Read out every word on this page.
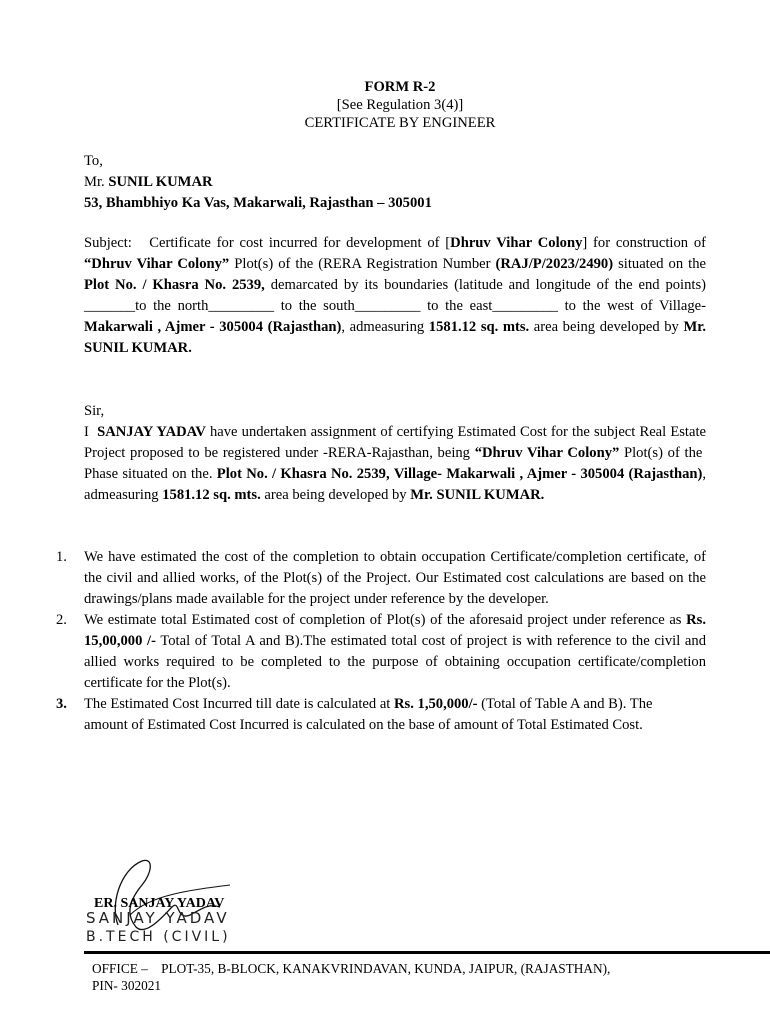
FORM R-2
[See Regulation 3(4)]
CERTIFICATE BY ENGINEER
To,
Mr. SUNIL KUMAR
53, Bhambhiyo Ka Vas, Makarwali, Rajasthan – 305001
Subject:   Certificate for cost incurred for development of [Dhruv Vihar Colony] for construction of “Dhruv Vihar Colony” Plot(s) of the (RERA Registration Number (RAJ/P/2023/2490) situated on the Plot No. / Khasra No. 2539, demarcated by its boundaries (latitude and longitude of the end points) _______to the north_________ to the south_________ to the east_________ to the west of Village- Makarwali , Ajmer - 305004 (Rajasthan), admeasuring 1581.12 sq. mts. area being developed by Mr. SUNIL KUMAR.
Sir,
I  SANJAY YADAV have undertaken assignment of certifying Estimated Cost for the subject Real Estate Project proposed to be registered under -RERA-Rajasthan, being “Dhruv Vihar Colony” Plot(s) of the  Phase situated on the. Plot No. / Khasra No. 2539, Village- Makarwali , Ajmer - 305004 (Rajasthan), admeasuring 1581.12 sq. mts. area being developed by Mr. SUNIL KUMAR.
1. We have estimated the cost of the completion to obtain occupation Certificate/completion certificate, of the civil and allied works, of the Plot(s) of the Project. Our Estimated cost calculations are based on the drawings/plans made available for the project under reference by the developer.
2. We estimate total Estimated cost of completion of Plot(s) of the aforesaid project under reference as Rs. 15,00,000 /- Total of Total A and B).The estimated total cost of project is with reference to the civil and allied works required to be completed to the purpose of obtaining occupation certificate/completion certificate for the Plot(s).
3. The Estimated Cost Incurred till date is calculated at Rs. 1,50,000/- (Total of Table A and B). The amount of Estimated Cost Incurred is calculated on the base of amount of Total Estimated Cost.
SANJAY YADAV
B.TECH (CIVIL)
ER. SANJAY YADAV
OFFICE –    PLOT-35, B-BLOCK, KANAKVRINDAVAN, KUNDA, JAIPUR, (RAJASTHAN),
PIN- 302021
